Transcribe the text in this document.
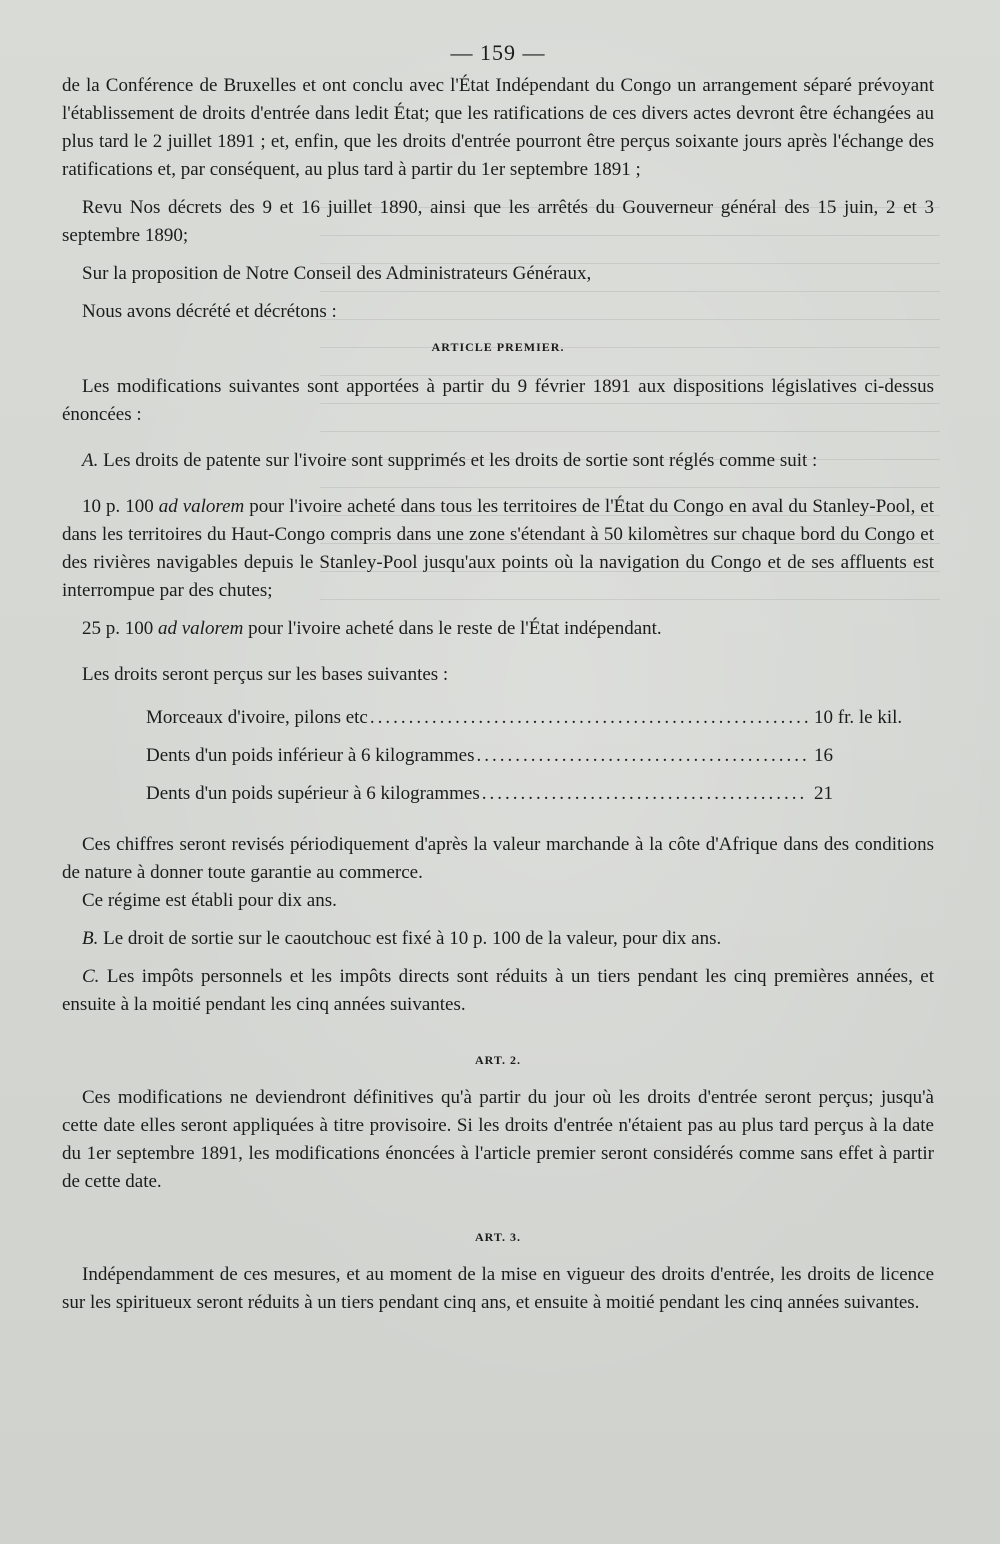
— 159 —

de la Conférence de Bruxelles et ont conclu avec l'État Indépendant du Congo un arrangement séparé prévoyant l'établissement de droits d'entrée dans ledit État; que les ratifications de ces divers actes devront être échangées au plus tard le 2 juillet 1891 ; et, enfin, que les droits d'entrée pourront être perçus soixante jours après l'échange des ratifications et, par conséquent, au plus tard à partir du 1er septembre 1891 ;

Revu Nos décrets des 9 et 16 juillet 1890, ainsi que les arrêtés du Gouverneur général des 15 juin, 2 et 3 septembre 1890;

Sur la proposition de Notre Conseil des Administrateurs Généraux,

Nous avons décrété et décrétons :

ARTICLE PREMIER.

Les modifications suivantes sont apportées à partir du 9 février 1891 aux dispositions législatives ci-dessus énoncées :

A. Les droits de patente sur l'ivoire sont supprimés et les droits de sortie sont réglés comme suit :

10 p. 100 ad valorem pour l'ivoire acheté dans tous les territoires de l'État du Congo en aval du Stanley-Pool, et dans les territoires du Haut-Congo compris dans une zone s'étendant à 50 kilomètres sur chaque bord du Congo et des rivières navigables depuis le Stanley-Pool jusqu'aux points où la navigation du Congo et de ses affluents est interrompue par des chutes;

25 p. 100 ad valorem pour l'ivoire acheté dans le reste de l'État indépendant.

Les droits seront perçus sur les bases suivantes :

Morceaux d'ivoire, pilons etc .....	10 fr. le kil.
Dents d'un poids inférieur à 6 kilogrammes .....	16
Dents d'un poids supérieur à 6 kilogrammes .....	21

Ces chiffres seront revisés périodiquement d'après la valeur marchande à la côte d'Afrique dans des conditions de nature à donner toute garantie au commerce.

Ce régime est établi pour dix ans.

B. Le droit de sortie sur le caoutchouc est fixé à 10 p. 100 de la valeur, pour dix ans.

C. Les impôts personnels et les impôts directs sont réduits à un tiers pendant les cinq premières années, et ensuite à la moitié pendant les cinq années suivantes.

ART. 2.

Ces modifications ne deviendront définitives qu'à partir du jour où les droits d'entrée seront perçus; jusqu'à cette date elles seront appliquées à titre provisoire. Si les droits d'entrée n'étaient pas au plus tard perçus à la date du 1er septembre 1891, les modifications énoncées à l'article premier seront considérés comme sans effet à partir de cette date.

ART. 3.

Indépendamment de ces mesures, et au moment de la mise en vigueur des droits d'entrée, les droits de licence sur les spiritueux seront réduits à un tiers pendant cinq ans, et ensuite à moitié pendant les cinq années suivantes.
